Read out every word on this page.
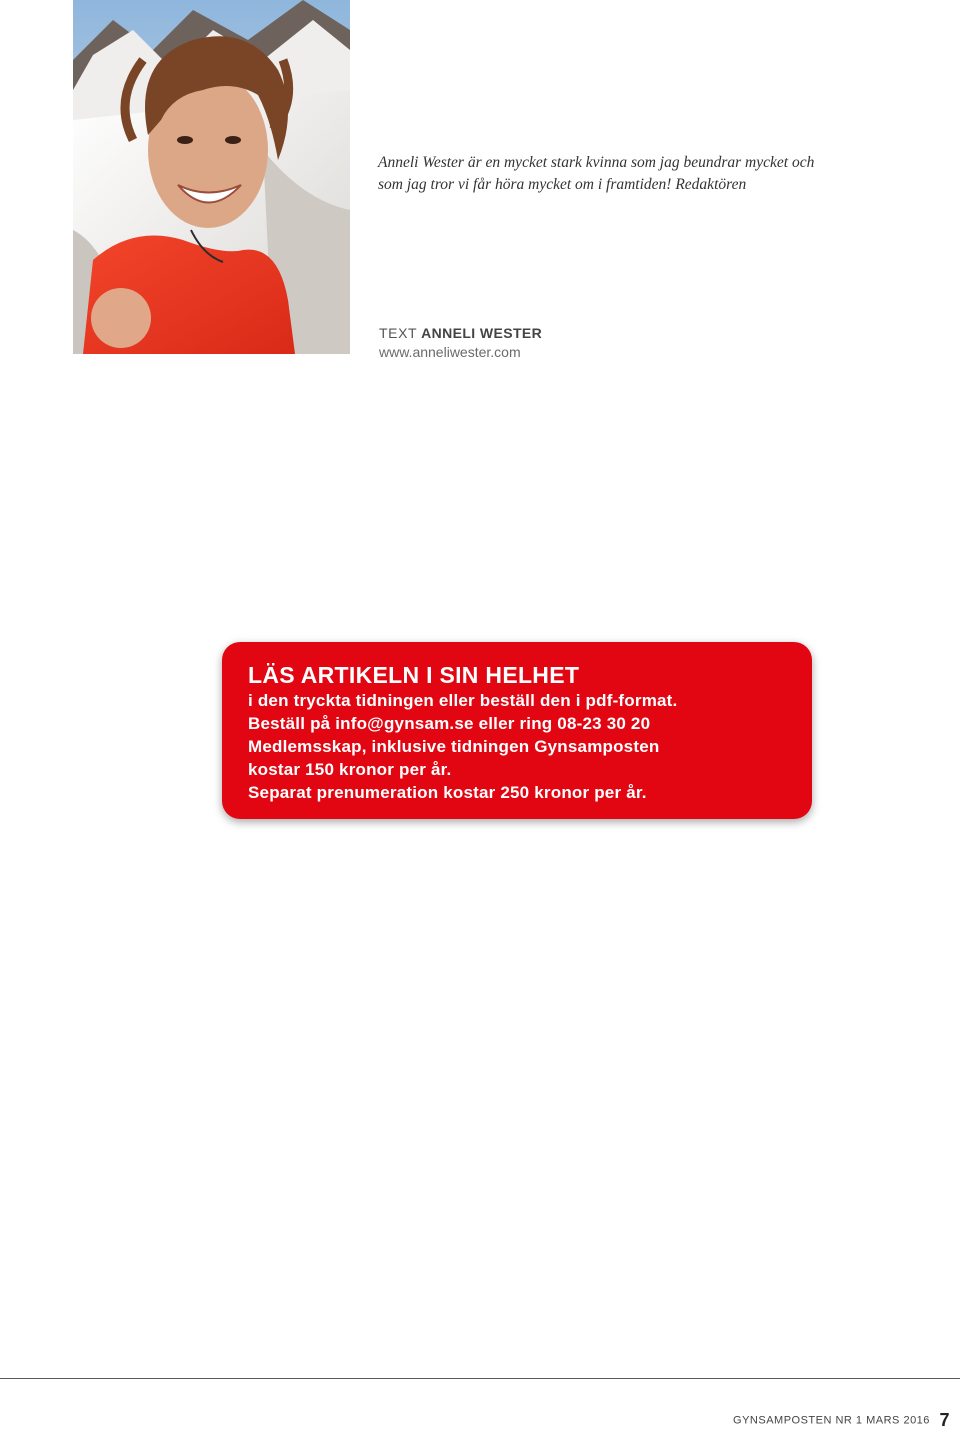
Anneli Wester är en mycket stark kvinna som jag beundrar mycket och
som jag tror vi får höra mycket om i framtiden! Redaktören

TEXT ANNELI WESTER
www.anneliwester.com
LÄS ARTIKELN I SIN HELHET
i den tryckta tidningen eller beställ den i pdf-format.
Beställ på info@gynsam.se eller ring 08-23 30 20
Medlemsskap, inklusive tidningen Gynsamposten
kostar 150 kronor per år.
Separat prenumeration kostar 250 kronor per år.
GYNSAMPOSTEN NR 1 MARS 2016 7
